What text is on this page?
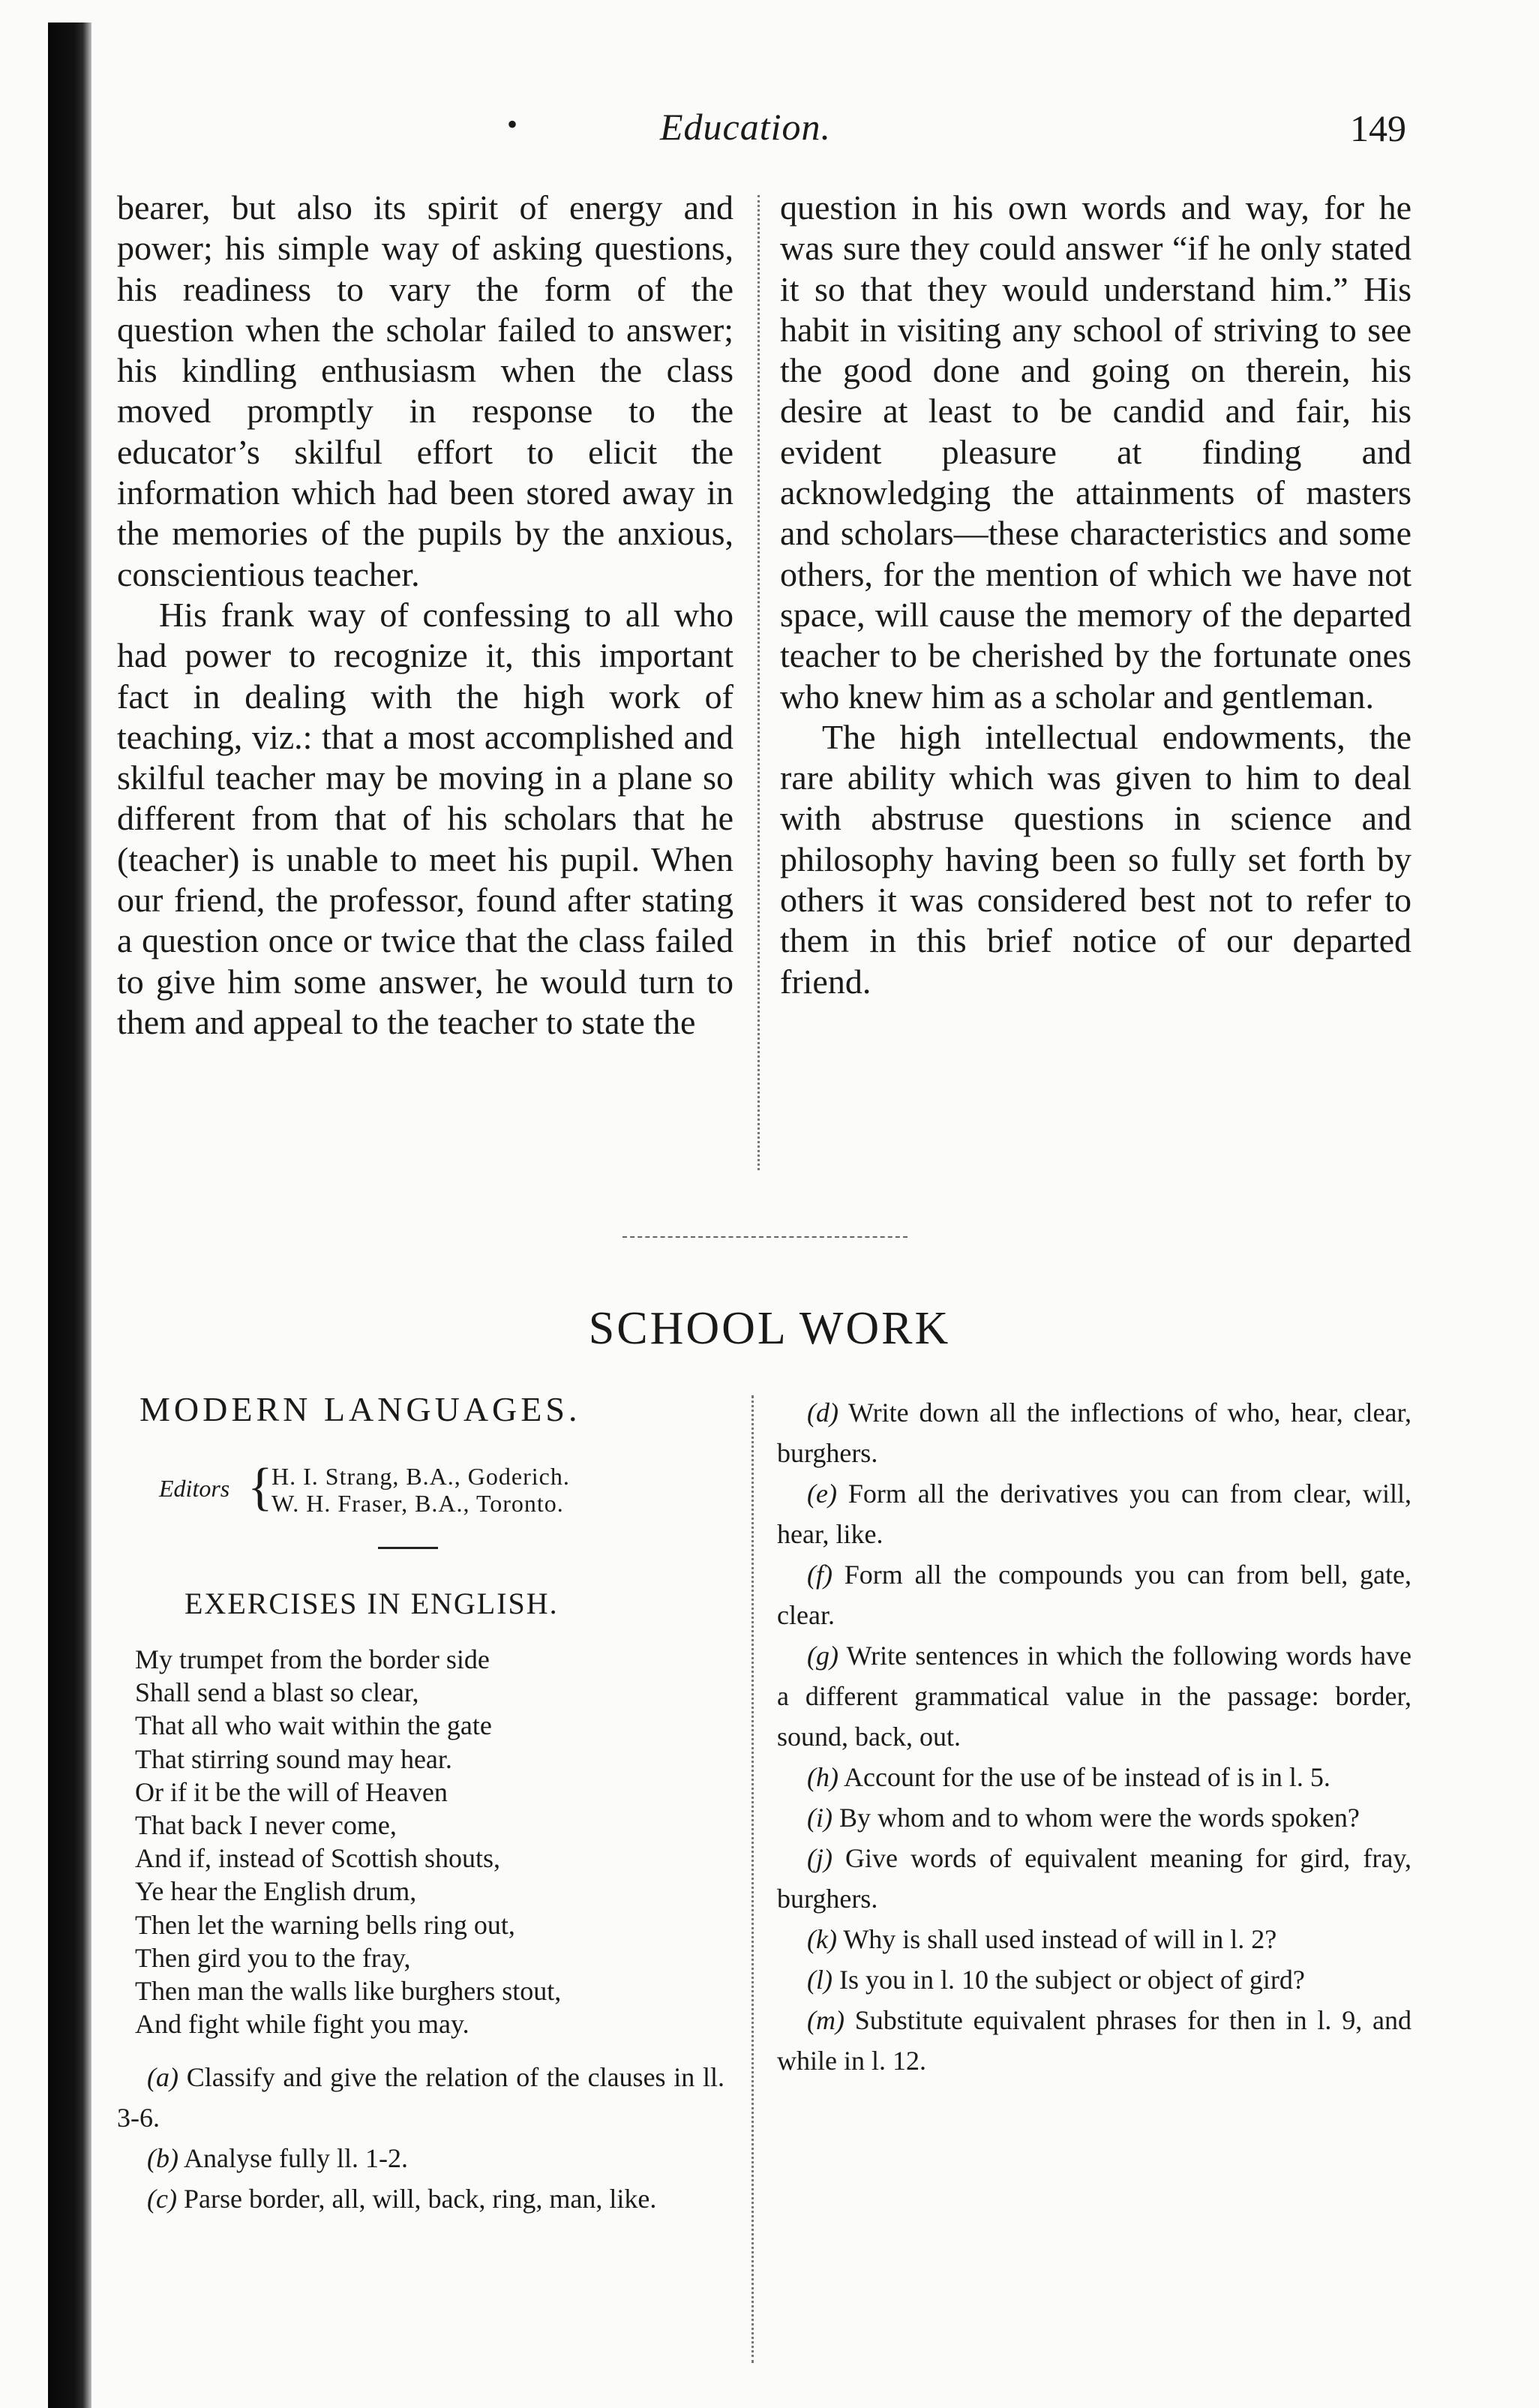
•	Education.	149

bearer, but also its spirit of energy and power; his simple way of asking questions, his readiness to vary the form of the question when the scholar failed to answer; his kindling enthusiasm when the class moved promptly in response to the educator’s skilful effort to elicit the information which had been stored away in the memories of the pupils by the anxious, conscientious teacher.

His frank way of confessing to all who had power to recognize it, this important fact in dealing with the high work of teaching, viz.: that a most accomplished and skilful teacher may be moving in a plane so different from that of his scholars that he (teacher) is unable to meet his pupil. When our friend, the professor, found after stating a question once or twice that the class failed to give him some answer, he would turn to them and appeal to the teacher to state the

question in his own words and way, for he was sure they could answer “if he only stated it so that they would understand him.” His habit in visiting any school of striving to see the good done and going on therein, his desire at least to be candid and fair, his evident pleasure at finding and acknowledging the attainments of masters and scholars—these characteristics and some others, for the mention of which we have not space, will cause the memory of the departed teacher to be cherished by the fortunate ones who knew him as a scholar and gentleman.

The high intellectual endowments, the rare ability which was given to him to deal with abstruse questions in science and philosophy having been so fully set forth by others it was considered best not to refer to them in this brief notice of our departed friend.

SCHOOL WORK
MODERN LANGUAGES.
Editors {
H. I. Strang, B.A., Goderich.
W. H. Fraser, B.A., Toronto.
EXERCISES IN ENGLISH.
My trumpet from the border side
Shall send a blast so clear,
That all who wait within the gate
That stirring sound may hear.
Or if it be the will of Heaven
That back I never come,
And if, instead of Scottish shouts,
Ye hear the English drum,
Then let the warning bells ring out,
Then gird you to the fray,
Then man the walls like burghers stout,
And fight while fight you may.

(a) Classify and give the relation of the clauses in ll. 3-6.

(b) Analyse fully ll. 1-2.

(c) Parse border, all, will, back, ring, man, like.

(d) Write down all the inflections of who, hear, clear, burghers.

(e) Form all the derivatives you can from clear, will, hear, like.

(f) Form all the compounds you can from bell, gate, clear.

(g) Write sentences in which the following words have a different grammatical value in the passage: border, sound, back, out.

(h) Account for the use of be instead of is in l. 5.

(i) By whom and to whom were the words spoken?

(j) Give words of equivalent meaning for gird, fray, burghers.

(k) Why is shall used instead of will in l. 2?

(l) Is you in l. 10 the subject or object of gird?

(m) Substitute equivalent phrases for then in l. 9, and while in l. 12.
